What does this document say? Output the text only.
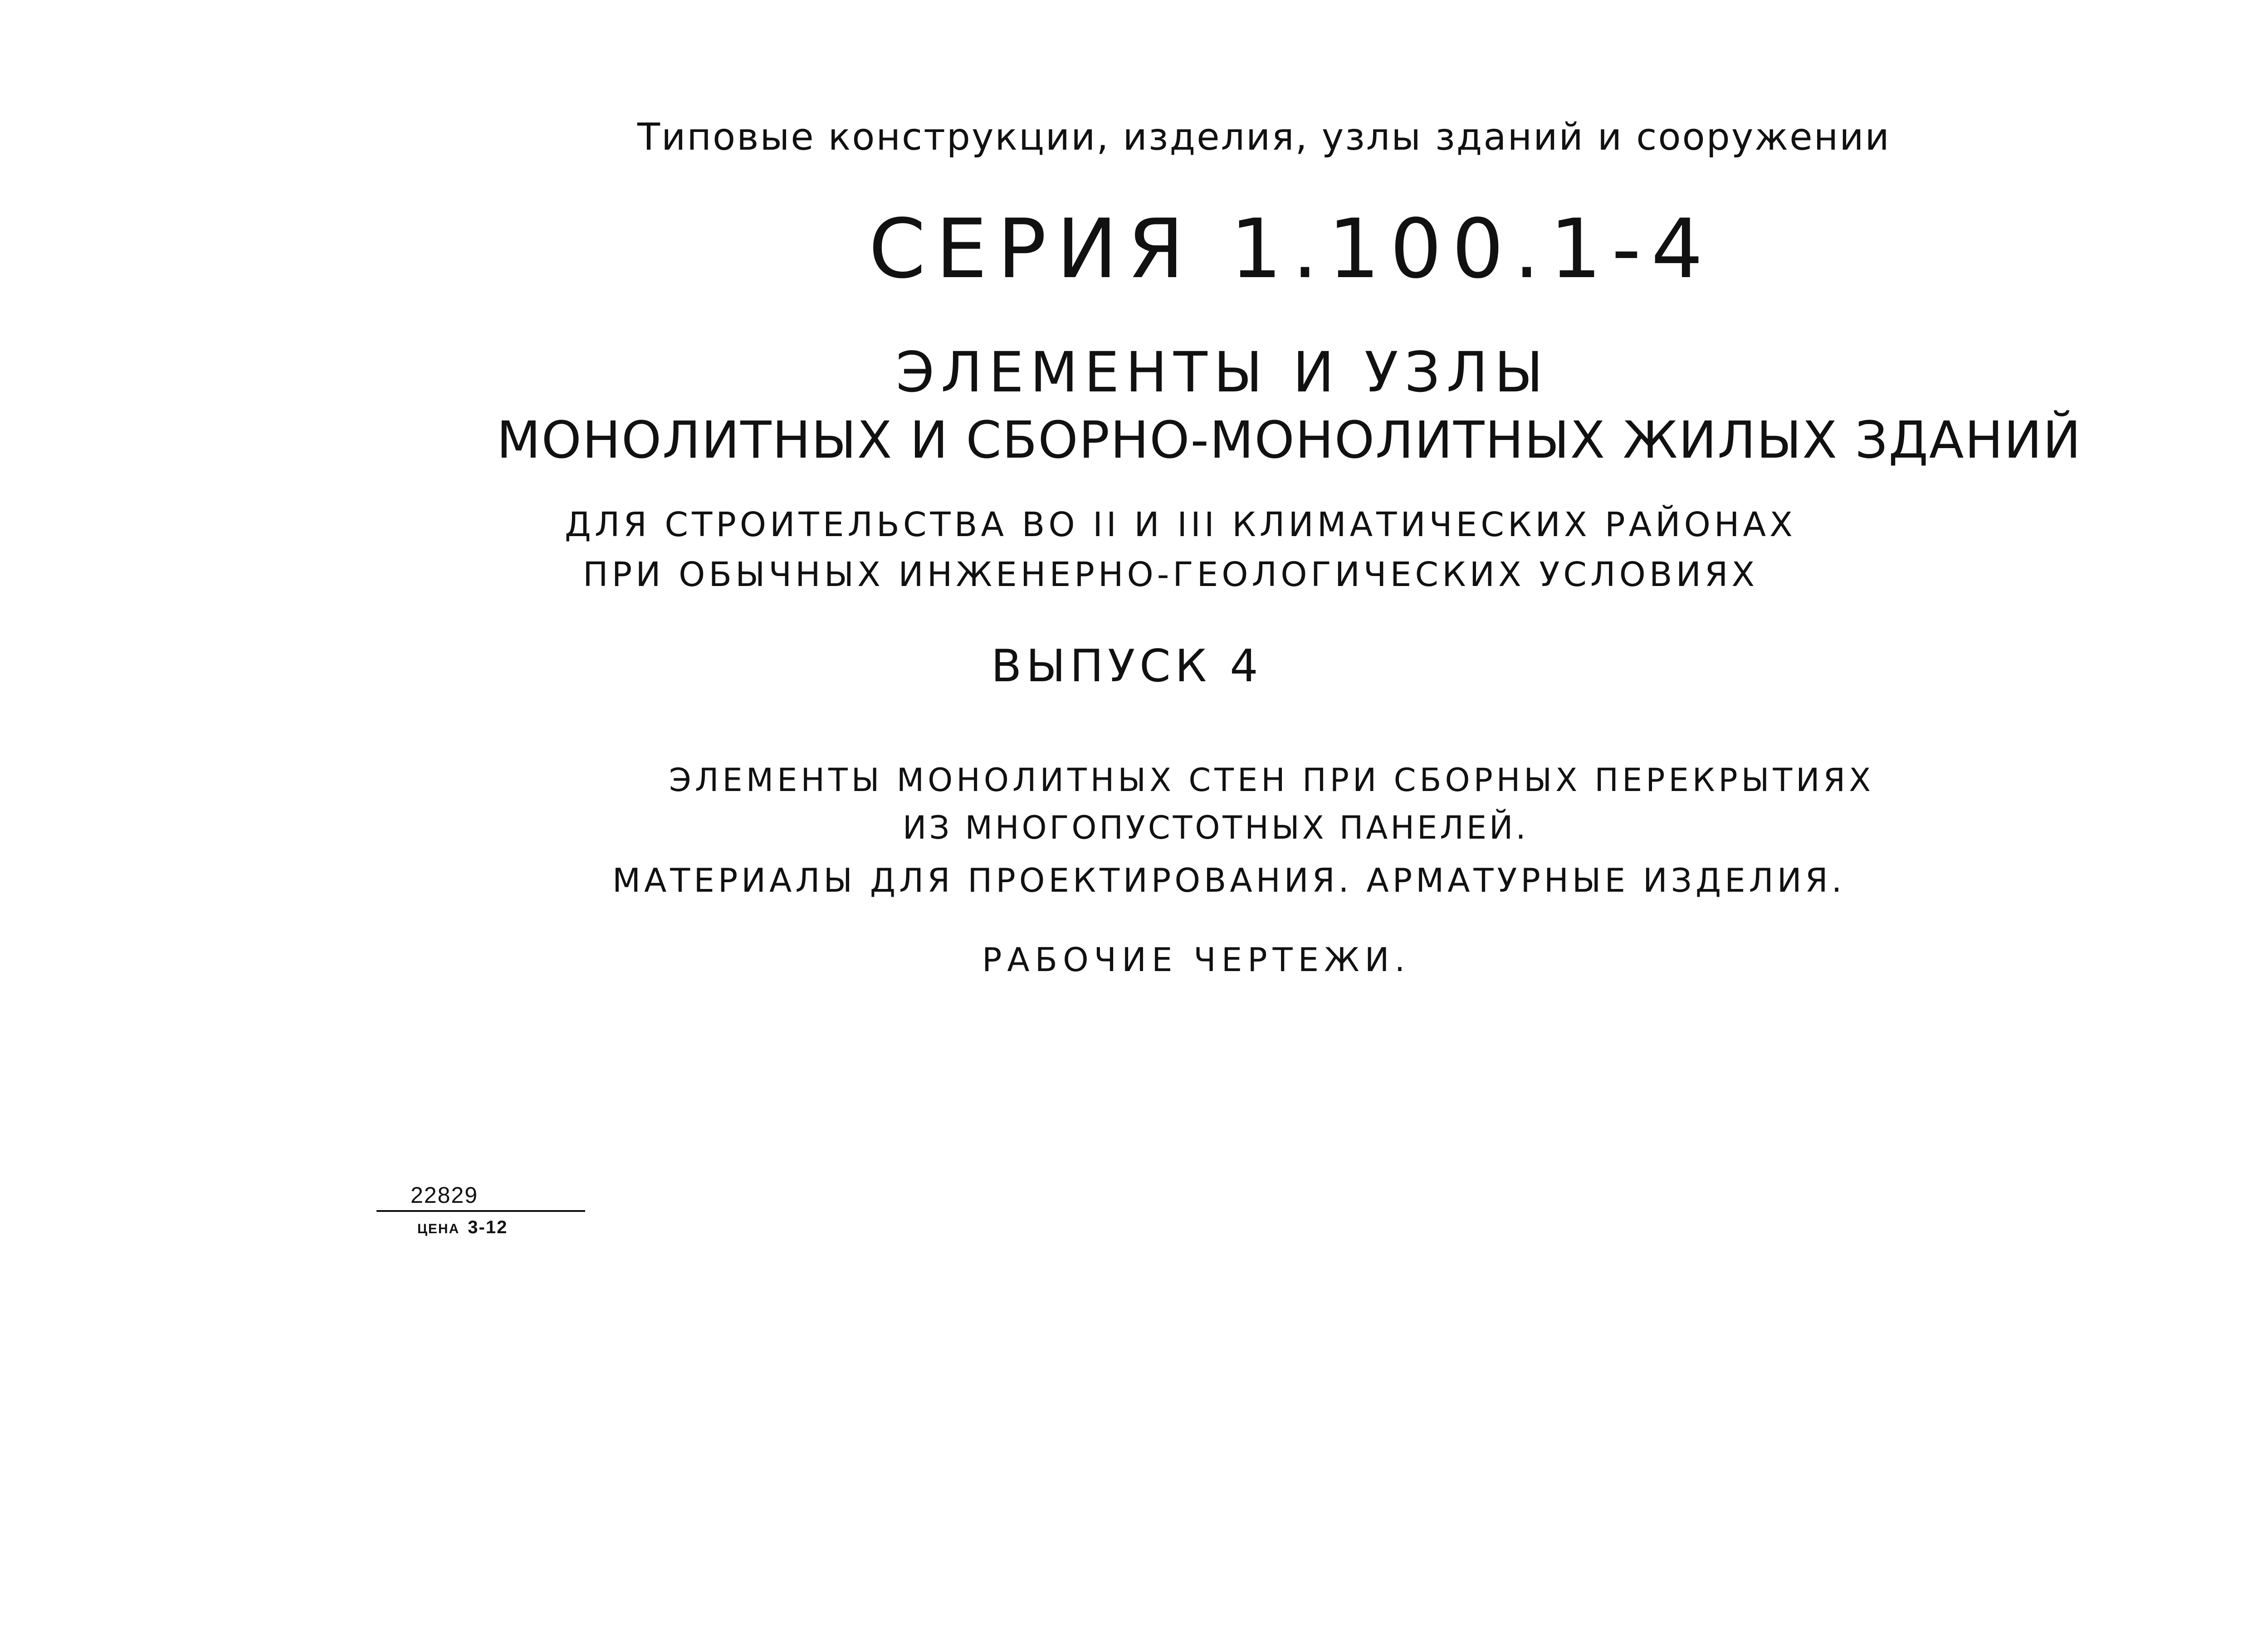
Типовые конструкции, изделия, узлы зданий и сооружении
СЕРИЯ 1.100.1-4
ЭЛЕМЕНТЫ И УЗЛЫ
МОНОЛИТНЫХ И СБОРНО-МОНОЛИТНЫХ ЖИЛЫХ ЗДАНИЙ
ДЛЯ СТРОИТЕЛЬСТВА ВО II И III КЛИМАТИЧЕСКИХ РАЙОНАХ
ПРИ ОБЫЧНЫХ ИНЖЕНЕРНО-ГЕОЛОГИЧЕСКИХ УСЛОВИЯХ
ВЫПУСК 4
ЭЛЕМЕНТЫ МОНОЛИТНЫХ СТЕН ПРИ СБОРНЫХ ПЕРЕКРЫТИЯХ
ИЗ МНОГОПУСТОТНЫХ ПАНЕЛЕЙ.
МАТЕРИАЛЫ ДЛЯ ПРОЕКТИРОВАНИЯ. АРМАТУРНЫЕ ИЗДЕЛИЯ.
РАБОЧИЕ ЧЕРТЕЖИ.
22829
ЦЕНА 3-12
